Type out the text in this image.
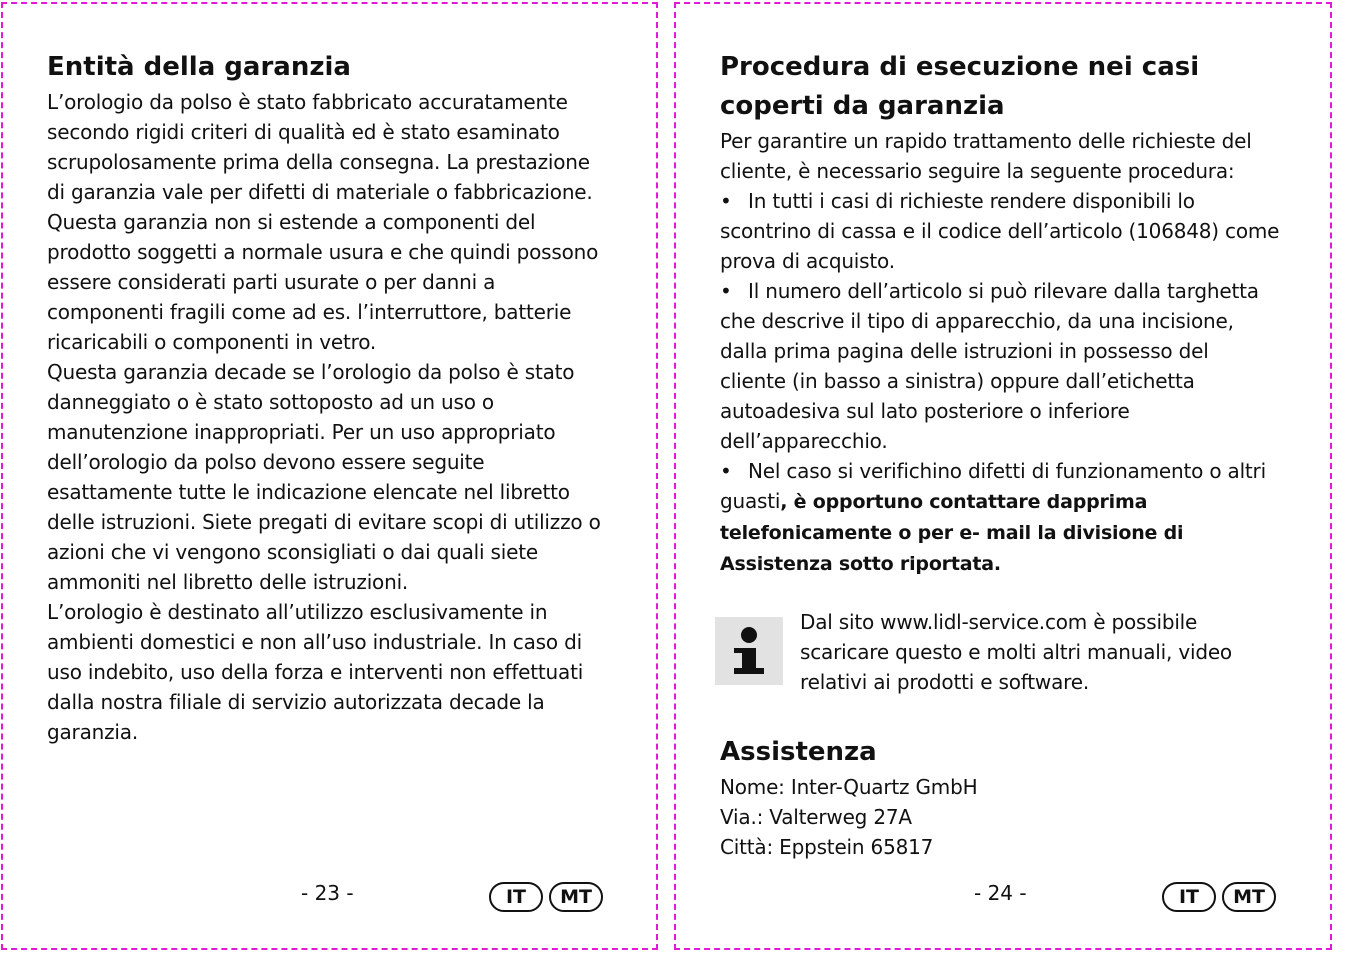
Entità della garanzia

L’orologio da polso è stato fabbricato accuratamente secondo rigidi criteri di qualità ed è stato esaminato scrupolosamente prima della consegna. La prestazione di garanzia vale per difetti di materiale o fabbricazione. Questa garanzia non si estende a componenti del prodotto soggetti a normale usura e che quindi possono essere considerati parti usurate o per danni a componenti fragili come ad es. l’interruttore, batterie ricaricabili o componenti in vetro.

Questa garanzia decade se l’orologio da polso è stato danneggiato o è stato sottoposto ad un uso o manutenzione inappropriati. Per un uso appropriato dell’orologio da polso devono essere seguite esattamente tutte le indicazione elencate nel libretto delle istruzioni. Siete pregati di evitare scopi di utilizzo o azioni che vi vengono sconsigliati o dai quali siete ammoniti nel libretto delle istruzioni.

L’orologio è destinato all’utilizzo esclusivamente in ambienti domestici e non all’uso industriale. In caso di uso indebito, uso della forza e interventi non effettuati dalla nostra filiale di servizio autorizzata decade la garanzia.

- 23 -	IT	MT
Procedura di esecuzione nei casi coperti da garanzia

Per garantire un rapido trattamento delle richieste del cliente, è necessario seguire la seguente procedura:

• In tutti i casi di richieste rendere disponibili lo scontrino di cassa e il codice dell’articolo (106848) come prova di acquisto.

• Il numero dell’articolo si può rilevare dalla targhetta che descrive il tipo di apparecchio, da una incisione, dalla prima pagina delle istruzioni in possesso del cliente (in basso a sinistra) oppure dall’etichetta autoadesiva sul lato posteriore o inferiore dell’apparecchio.

• Nel caso si verifichino difetti di funzionamento o altri guasti, è opportuno contattare dapprima telefonicamente o per e- mail la divisione di Assistenza sotto riportata.

Dal sito www.lidl-service.com è possibile scaricare questo e molti altri manuali, video relativi ai prodotti e software.

Assistenza

Nome: Inter-Quartz GmbH

Via.: Valterweg 27A

Città: Eppstein 65817

- 24 -	IT	MT
